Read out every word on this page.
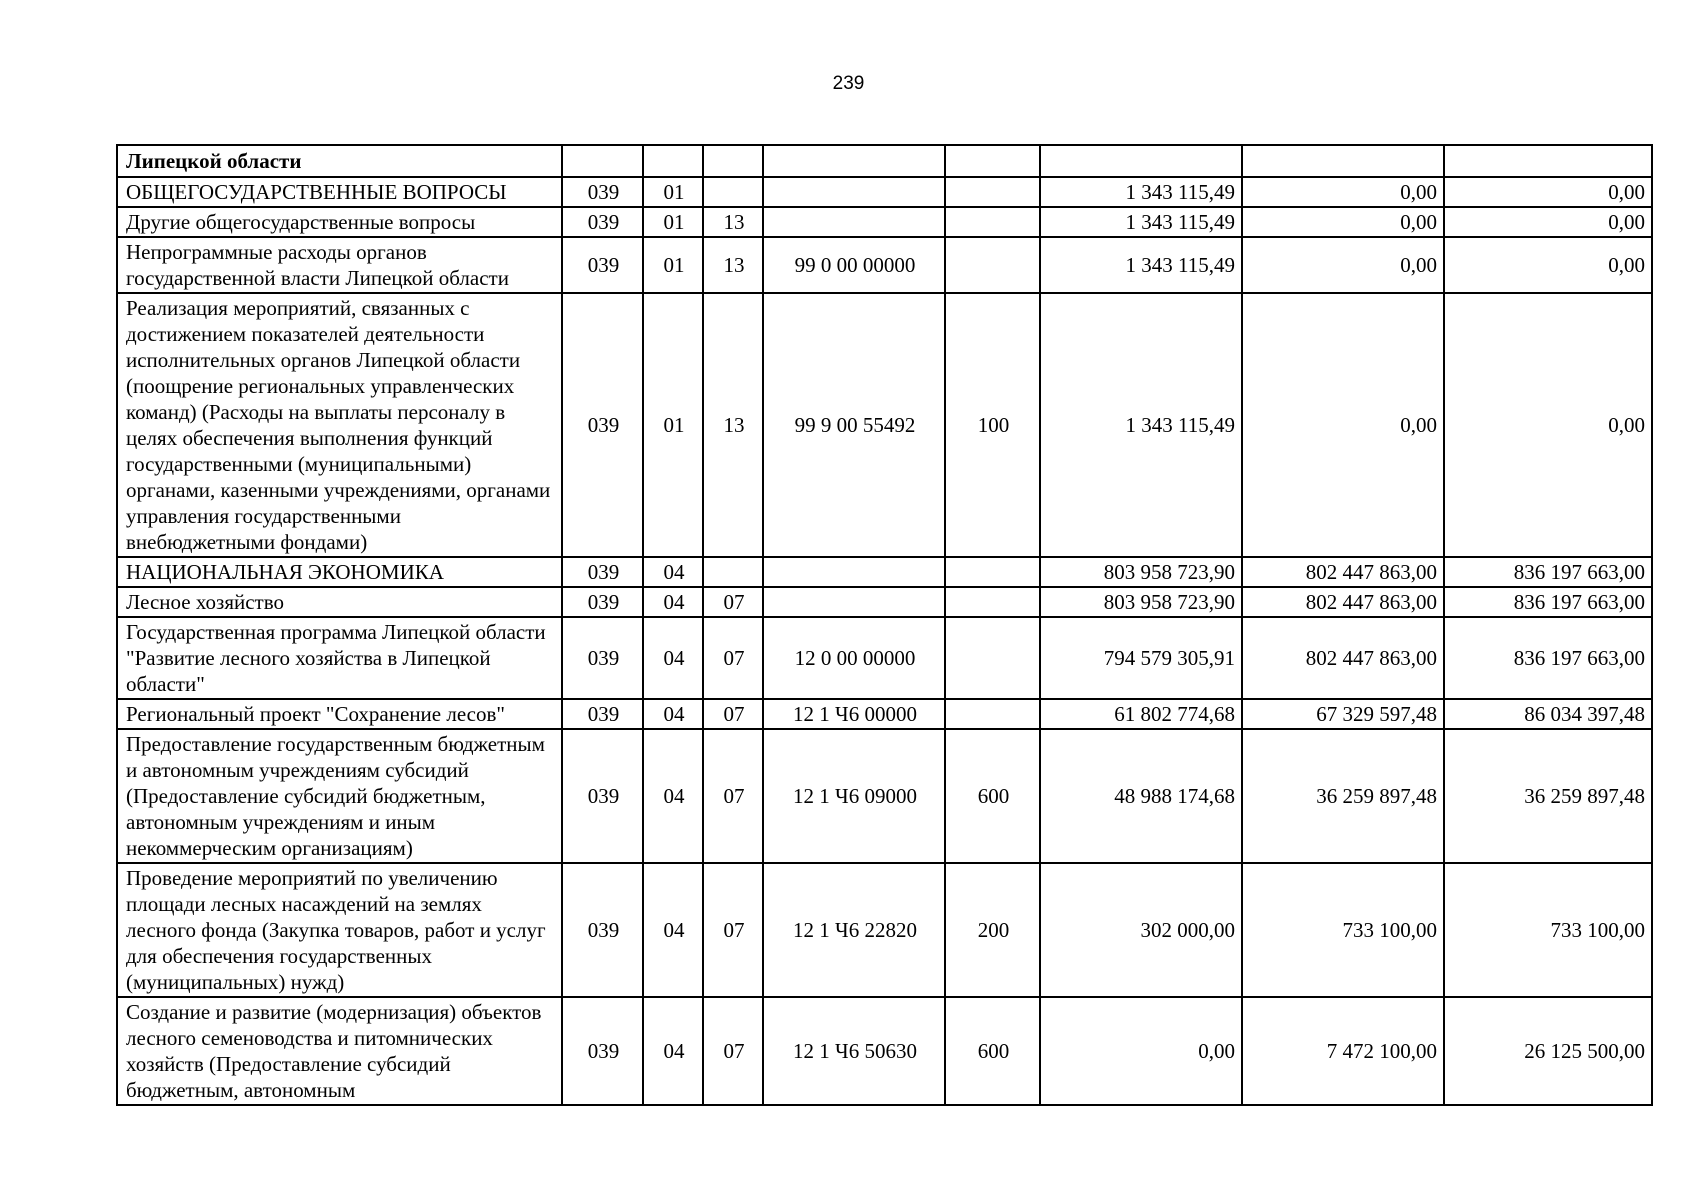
239
Липецкой области								
ОБЩЕГОСУДАРСТВЕННЫЕ ВОПРОСЫ	039	01				1 343 115,49	0,00	0,00
Другие общегосударственные вопросы	039	01	13			1 343 115,49	0,00	0,00
Непрограммные расходы органов государственной власти Липецкой области	039	01	13	99 0 00 00000		1 343 115,49	0,00	0,00
Реализация мероприятий, связанных с достижением показателей деятельности исполнительных органов Липецкой области (поощрение региональных управленческих команд) (Расходы на выплаты персоналу в целях обеспечения выполнения функций государственными (муниципальными) органами, казенными учреждениями, органами управления государственными внебюджетными фондами)	039	01	13	99 9 00 55492	100	1 343 115,49	0,00	0,00
НАЦИОНАЛЬНАЯ ЭКОНОМИКА	039	04				803 958 723,90	802 447 863,00	836 197 663,00
Лесное хозяйство	039	04	07			803 958 723,90	802 447 863,00	836 197 663,00
Государственная программа Липецкой области "Развитие лесного хозяйства в Липецкой области"	039	04	07	12 0 00 00000		794 579 305,91	802 447 863,00	836 197 663,00
Региональный проект "Сохранение лесов"	039	04	07	12 1 Ч6 00000		61 802 774,68	67 329 597,48	86 034 397,48
Предоставление государственным бюджетным и автономным учреждениям субсидий (Предоставление субсидий бюджетным, автономным учреждениям и иным некоммерческим организациям)	039	04	07	12 1 Ч6 09000	600	48 988 174,68	36 259 897,48	36 259 897,48
Проведение мероприятий по увеличению площади лесных насаждений на землях лесного фонда (Закупка товаров, работ и услуг для обеспечения государственных (муниципальных) нужд)	039	04	07	12 1 Ч6 22820	200	302 000,00	733 100,00	733 100,00
Создание и развитие (модернизация) объектов лесного семеноводства и питомнических хозяйств (Предоставление субсидий бюджетным, автономным	039	04	07	12 1 Ч6 50630	600	0,00	7 472 100,00	26 125 500,00
